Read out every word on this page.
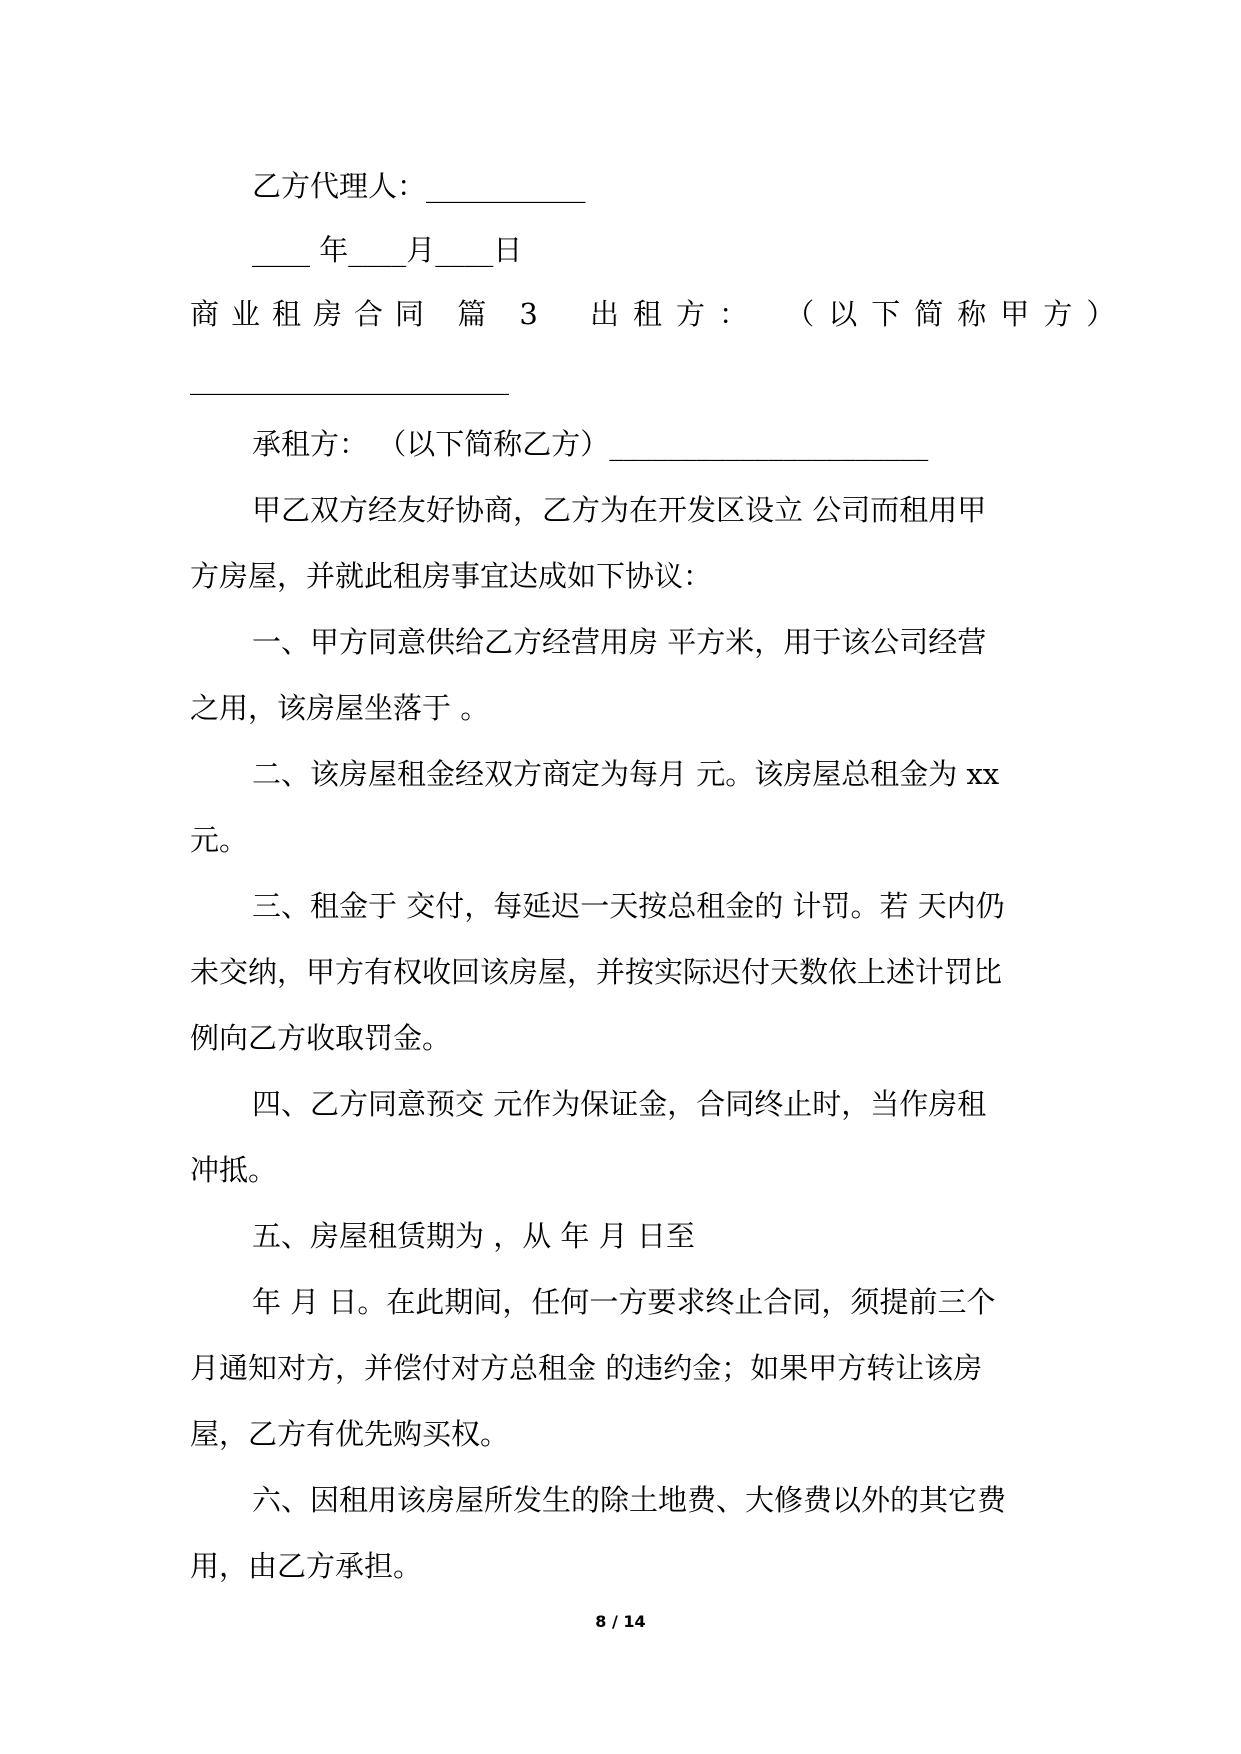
乙方代理人：___________

____ 年____月____日

商业租房合同 篇 3 出租方： （以下简称甲方）

______________________

承租方： （以下简称乙方）______________________

甲乙双方经友好协商，乙方为在开发区设立 公司而租用甲

方房屋，并就此租房事宜达成如下协议：

一、甲方同意供给乙方经营用房 平方米，用于该公司经营

之用，该房屋坐落于 。

二、该房屋租金经双方商定为每月 元。该房屋总租金为 xx

元。

三、租金于 交付，每延迟一天按总租金的 计罚。若 天内仍

未交纳，甲方有权收回该房屋，并按实际迟付天数依上述计罚比

例向乙方收取罚金。

四、乙方同意预交 元作为保证金，合同终止时，当作房租

冲抵。

五、房屋租赁期为 ，从 年 月 日至

年 月 日。在此期间，任何一方要求终止合同，须提前三个

月通知对方，并偿付对方总租金 的违约金；如果甲方转让该房

屋，乙方有优先购买权。

六、因租用该房屋所发生的除土地费、大修费以外的其它费

用，由乙方承担。

8 / 14
